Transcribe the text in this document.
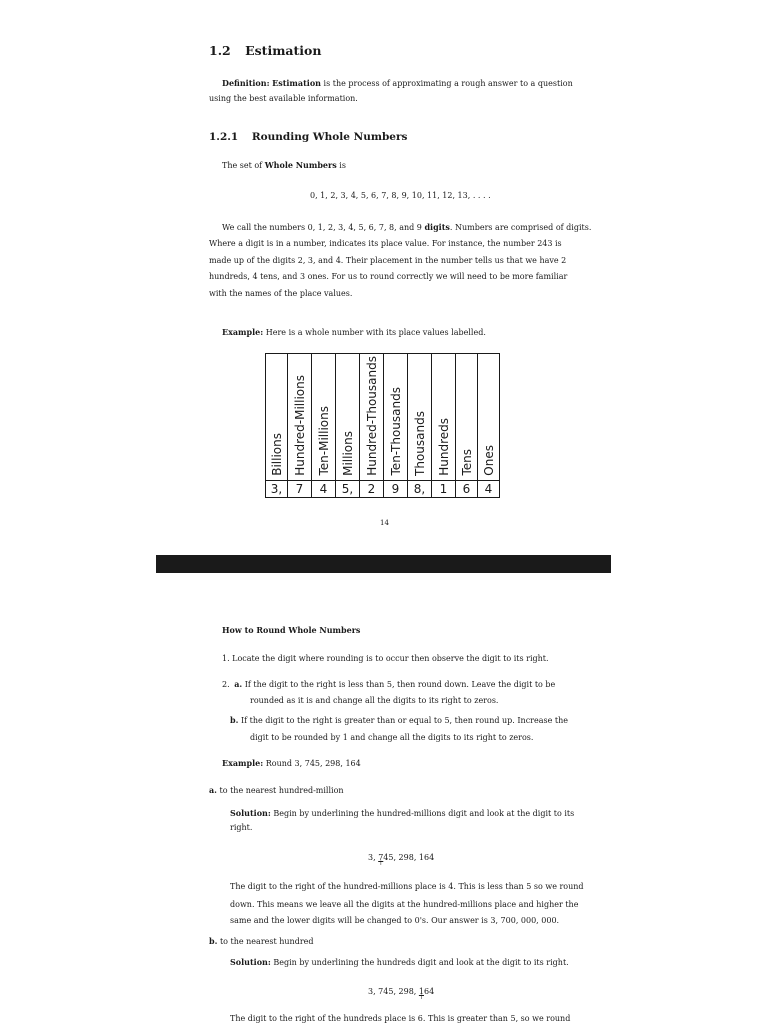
1.2 Estimation
Definition: Estimation is the process of approximating a rough answer to a question
using the best available information.
1.2.1 Rounding Whole Numbers
The set of Whole Numbers is
0, 1, 2, 3, 4, 5, 6, 7, 8, 9, 10, 11, 12, 13, . . . .
We call the numbers 0, 1, 2, 3, 4, 5, 6, 7, 8, and 9 digits. Numbers are comprised of digits.
Where a digit is in a number, indicates its place value. For instance, the number 243 is
made up of the digits 2, 3, and 4. Their placement in the number tells us that we have 2
hundreds, 4 tens, and 3 ones. For us to round correctly we will need to be more familiar
with the names of the place values.
Example: Here is a whole number with its place values labelled.
Billions	Hundred-Millions	Ten-Millions	Millions	Hundred-Thousands	Ten-Thousands	Thousands	Hundreds	Tens	Ones
3,	7	4	5,	2	9	8,	1	6	4
14
How to Round Whole Numbers
1. Locate the digit where rounding is to occur then observe the digit to its right.
2. a. If the digit to the right is less than 5, then round down. Leave the digit to be
rounded as it is and change all the digits to its right to zeros.
b. If the digit to the right is greater than or equal to 5, then round up. Increase the
digit to be rounded by 1 and change all the digits to its right to zeros.
Example: Round 3, 745, 298, 164
a. to the nearest hundred-million
Solution: Begin by underlining the hundred-millions digit and look at the digit to its
right.
3, 7
↑
45, 298, 164
The digit to the right of the hundred-millions place is 4. This is less than 5 so we round
down. This means we leave all the digits at the hundred-millions place and higher the
same and the lower digits will be changed to 0's. Our answer is 3, 700, 000, 000.
b. to the nearest hundred
Solution: Begin by underlining the hundreds digit and look at the digit to its right.
3, 745, 298, 1
↑
64
The digit to the right of the hundreds place is 6. This is greater than 5, so we round
